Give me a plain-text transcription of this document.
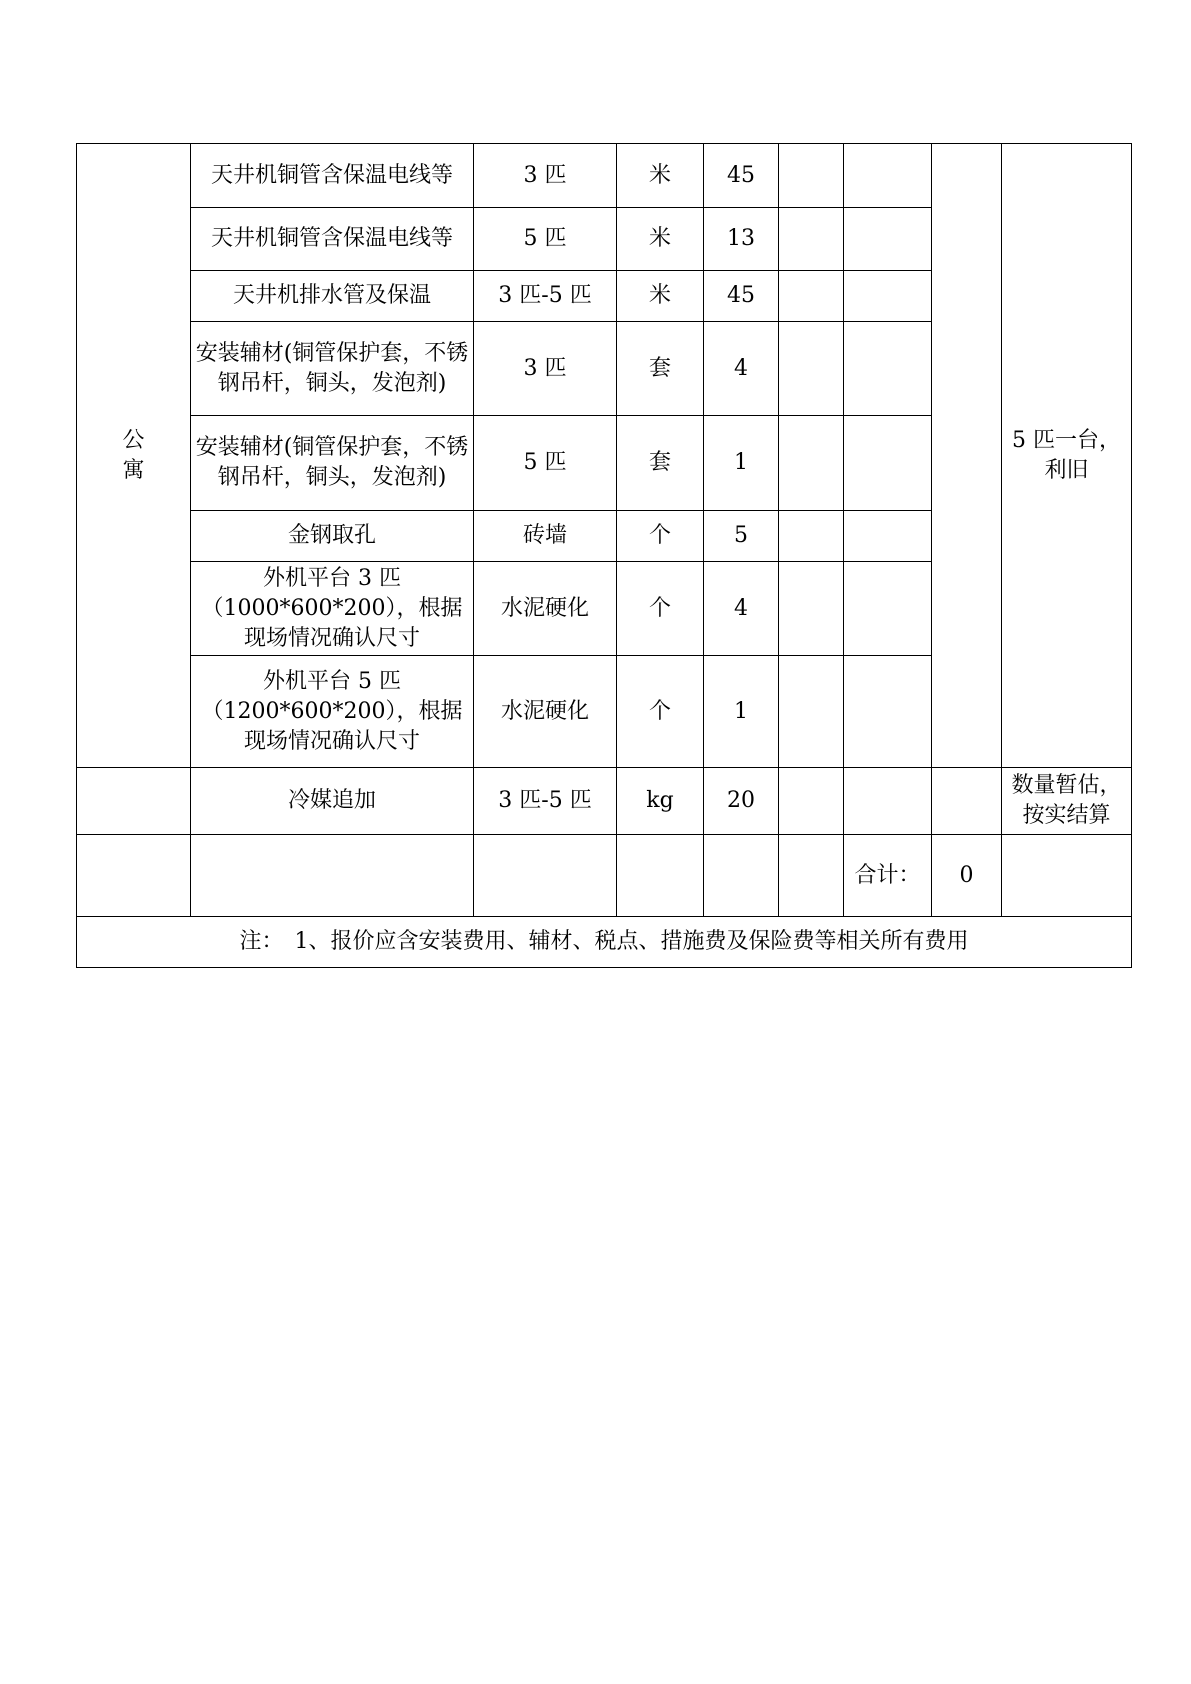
公寓	天井机铜管含保温电线等	3 匹	米	45				5 匹一台，利旧
	天井机铜管含保温电线等	5 匹	米	13				
	天井机排水管及保温	3 匹-5 匹	米	45				
	安装辅材(铜管保护套，不锈钢吊杆，铜头，发泡剂)	3 匹	套	4				
	安装辅材(铜管保护套，不锈钢吊杆，铜头，发泡剂)	5 匹	套	1				
	金钢取孔	砖墙	个	5				
	外机平台 3 匹（1000*600*200），根据现场情况确认尺寸	水泥硬化	个	4				
	外机平台 5 匹（1200*600*200），根据现场情况确认尺寸	水泥硬化	个	1				
	冷媒追加	3 匹-5 匹	kg	20				数量暂估，按实结算
						合计：	0	
注：　1、报价应含安装费用、辅材、税点、措施费及保险费等相关所有费用								
